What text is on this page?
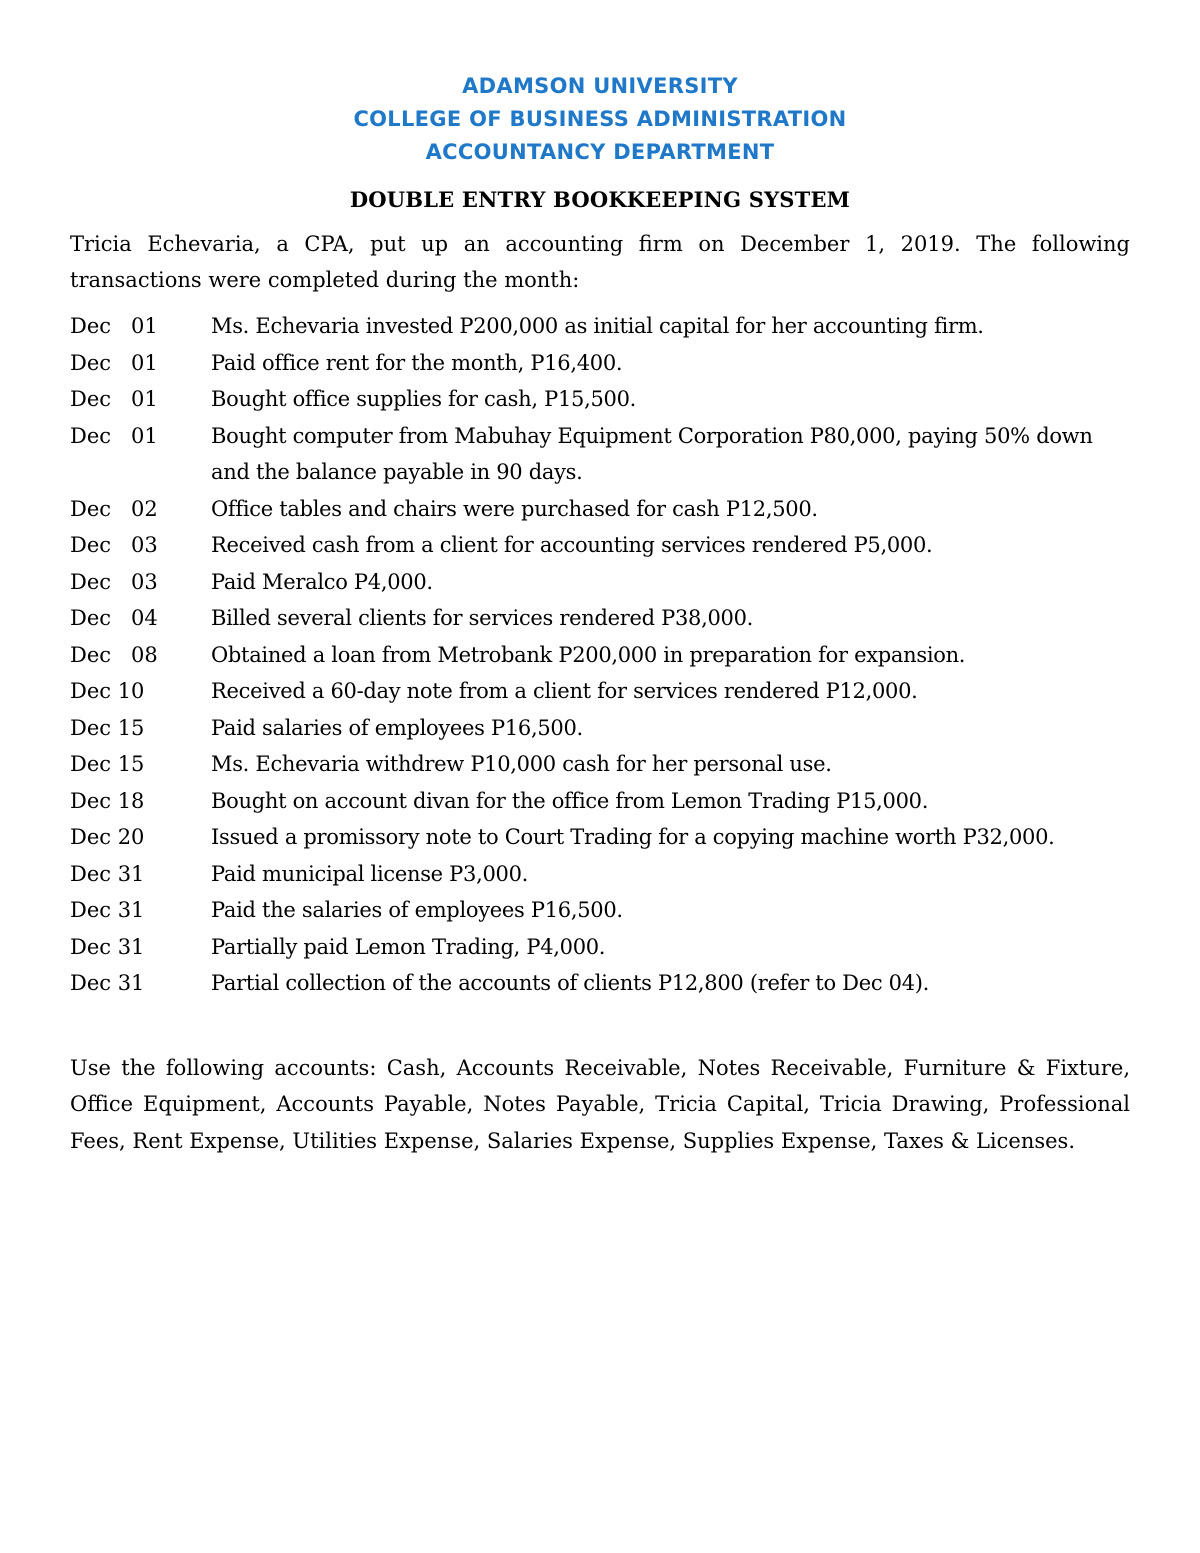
ADAMSON UNIVERSITY
COLLEGE OF BUSINESS ADMINISTRATION
ACCOUNTANCY DEPARTMENT
DOUBLE ENTRY BOOKKEEPING SYSTEM
Tricia Echevaria, a CPA, put up an accounting firm on December 1, 2019. The following transactions were completed during the month:
Dec   01	Ms. Echevaria invested P200,000 as initial capital for her accounting firm.
Dec   01	Paid office rent for the month, P16,400.
Dec   01	Bought office supplies for cash, P15,500.
Dec   01	Bought computer from Mabuhay Equipment Corporation P80,000, paying 50% down and the balance payable in 90 days.
Dec   02	Office tables and chairs were purchased for cash P12,500.
Dec   03	Received cash from a client for accounting services rendered P5,000.
Dec   03	Paid Meralco P4,000.
Dec   04	Billed several clients for services rendered P38,000.
Dec   08	Obtained a loan from Metrobank P200,000 in preparation for expansion.
Dec 10	Received a 60-day note from a client for services rendered P12,000.
Dec 15	Paid salaries of employees P16,500.
Dec 15	Ms. Echevaria withdrew P10,000 cash for her personal use.
Dec 18	Bought on account divan for the office from Lemon Trading P15,000.
Dec 20	Issued a promissory note to Court Trading for a copying machine worth P32,000.
Dec 31	Paid municipal license P3,000.
Dec 31	Paid the salaries of employees P16,500.
Dec 31	Partially paid Lemon Trading, P4,000.
Dec 31	Partial collection of the accounts of clients P12,800 (refer to Dec 04).
Use the following accounts: Cash, Accounts Receivable, Notes Receivable, Furniture & Fixture, Office Equipment, Accounts Payable, Notes Payable, Tricia Capital, Tricia Drawing, Professional Fees, Rent Expense, Utilities Expense, Salaries Expense, Supplies Expense, Taxes & Licenses.
